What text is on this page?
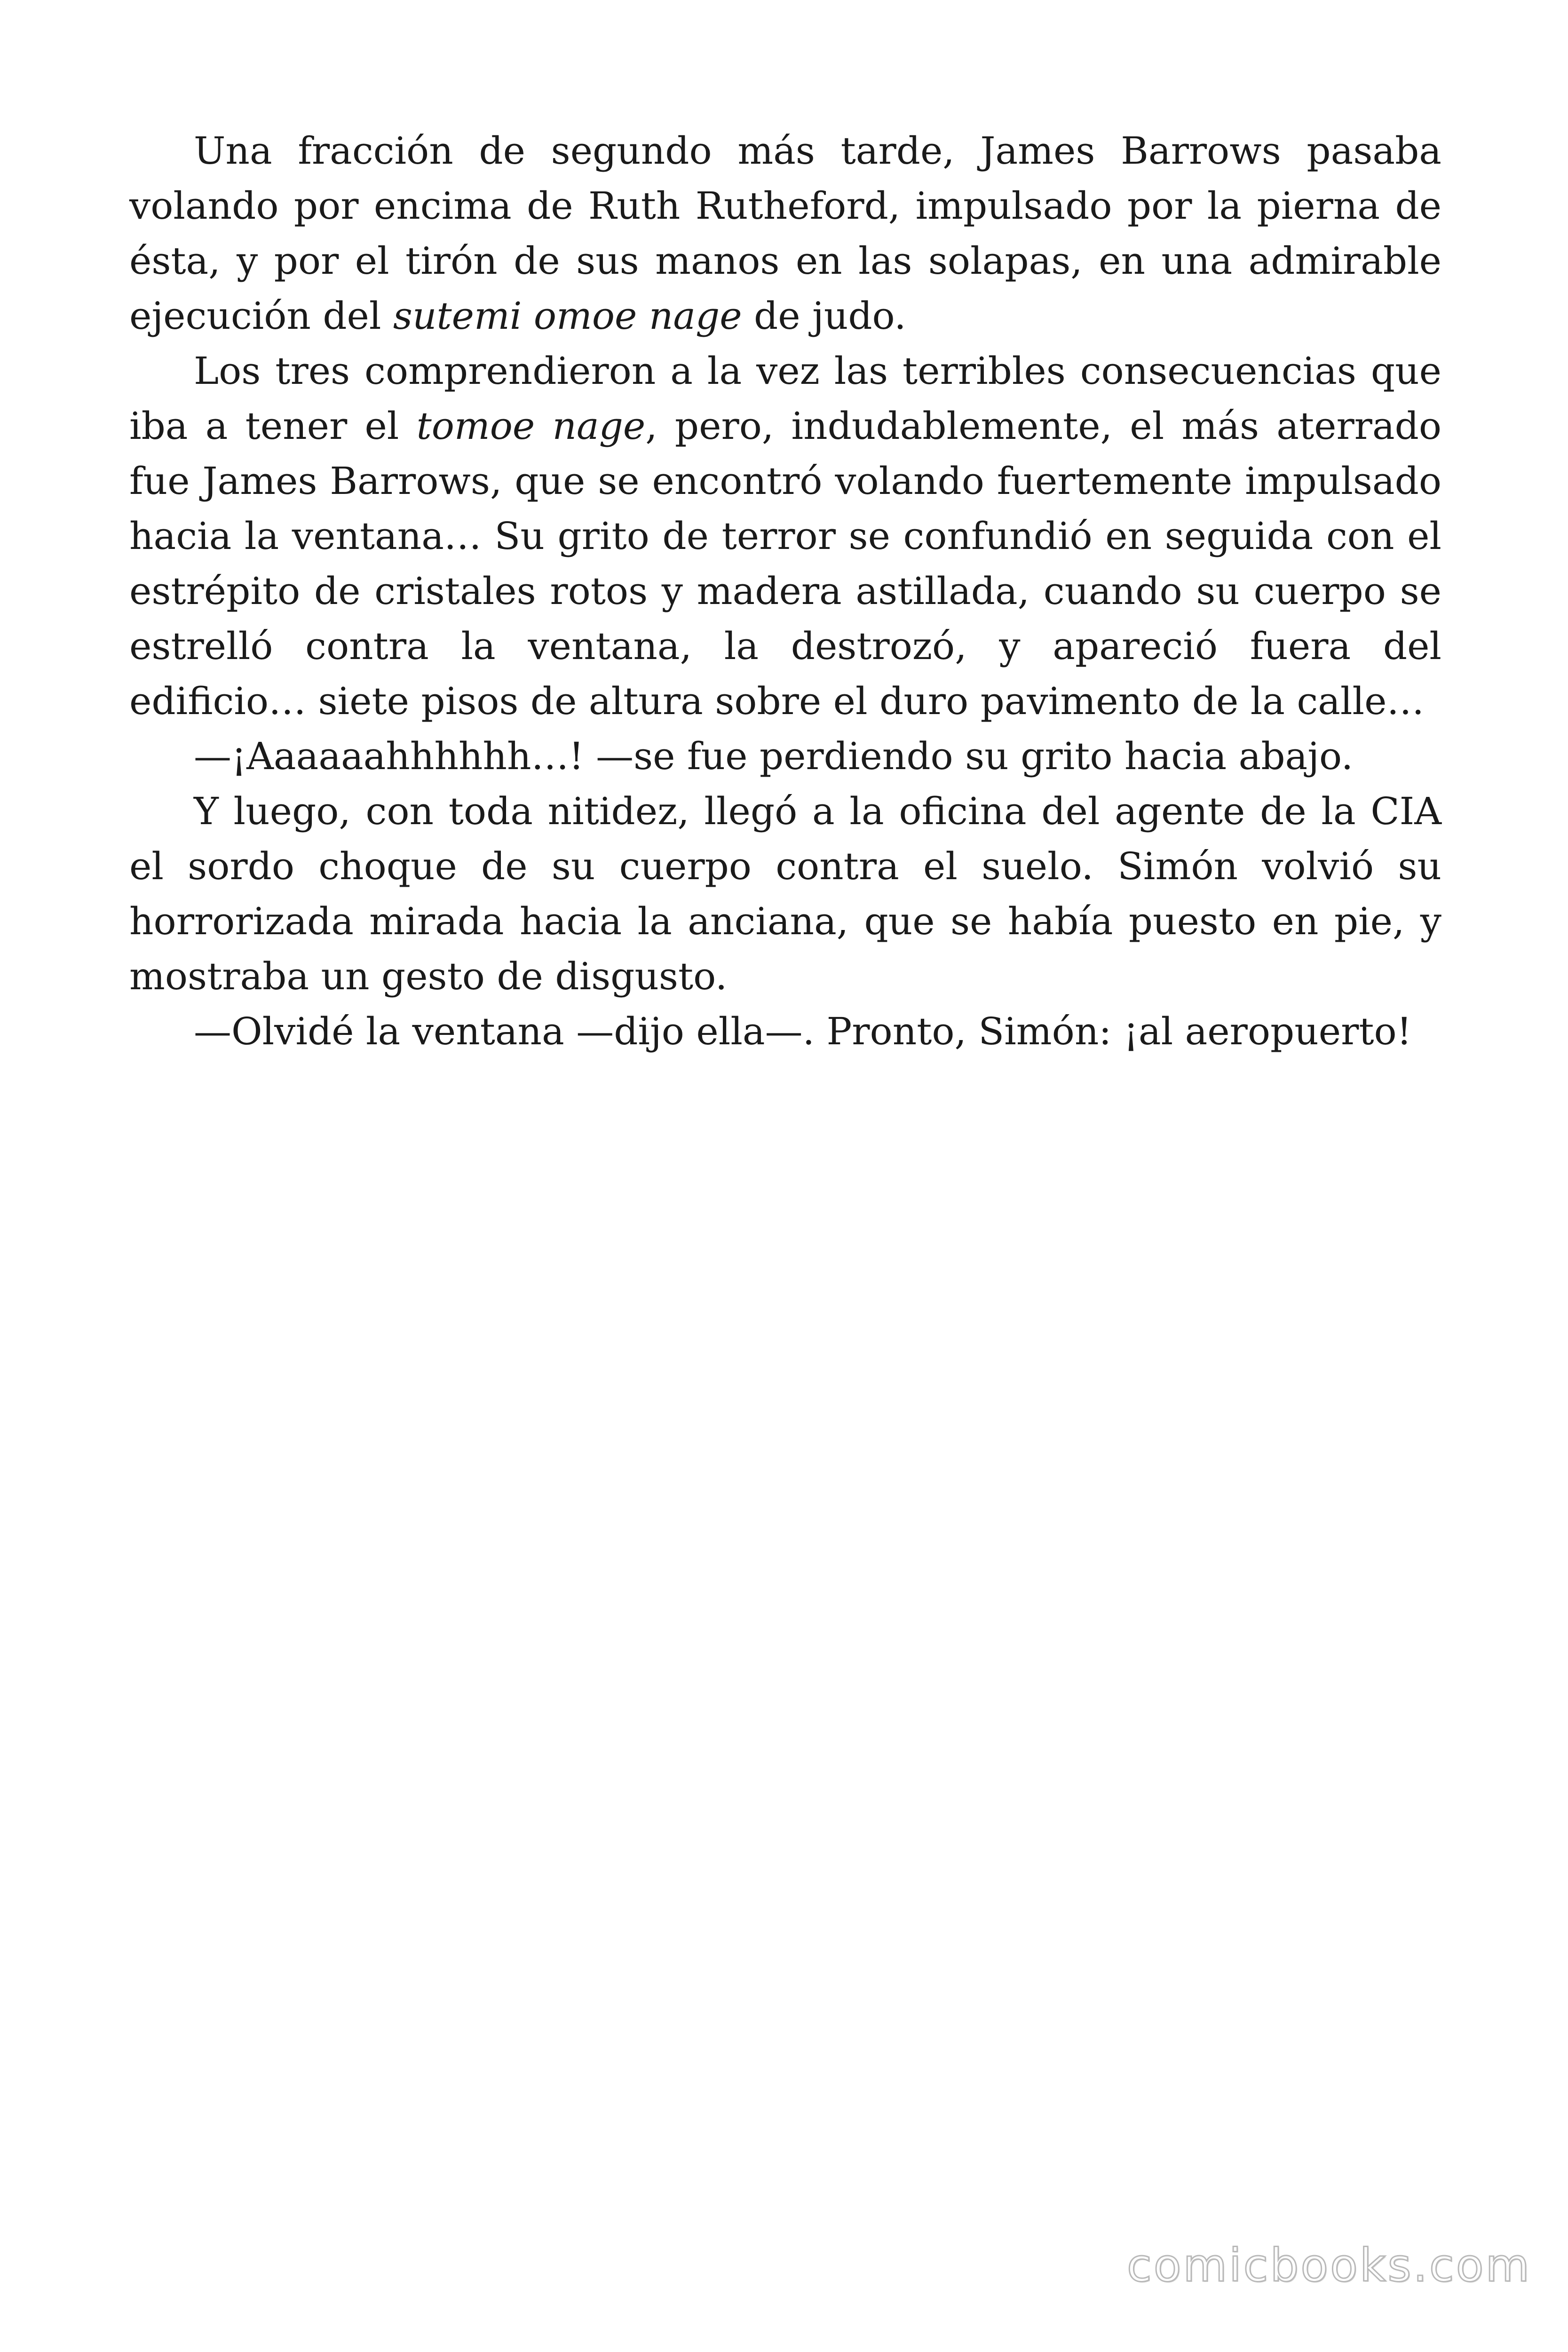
Una fracción de segundo más tarde, James Barrows pasaba volando por encima de Ruth Rutheford, impulsado por la pierna de ésta, y por el tirón de sus manos en las solapas, en una admirable ejecución del sutemi omoe nage de judo.

Los tres comprendieron a la vez las terribles consecuencias que iba a tener el tomoe nage, pero, indudablemente, el más aterrado fue James Barrows, que se encontró volando fuertemente impulsado hacia la ventana… Su grito de terror se confundió en seguida con el estrépito de cristales rotos y madera astillada, cuando su cuerpo se estrelló contra la ventana, la destrozó, y apareció fuera del edificio… siete pisos de altura sobre el duro pavimento de la calle…

—¡Aaaaaahhhhhh…! —se fue perdiendo su grito hacia abajo.

Y luego, con toda nitidez, llegó a la oficina del agente de la CIA el sordo choque de su cuerpo contra el suelo. Simón volvió su horrorizada mirada hacia la anciana, que se había puesto en pie, y mostraba un gesto de disgusto.

—Olvidé la ventana —dijo ella—. Pronto, Simón: ¡al aeropuerto!

comicbooks.com
